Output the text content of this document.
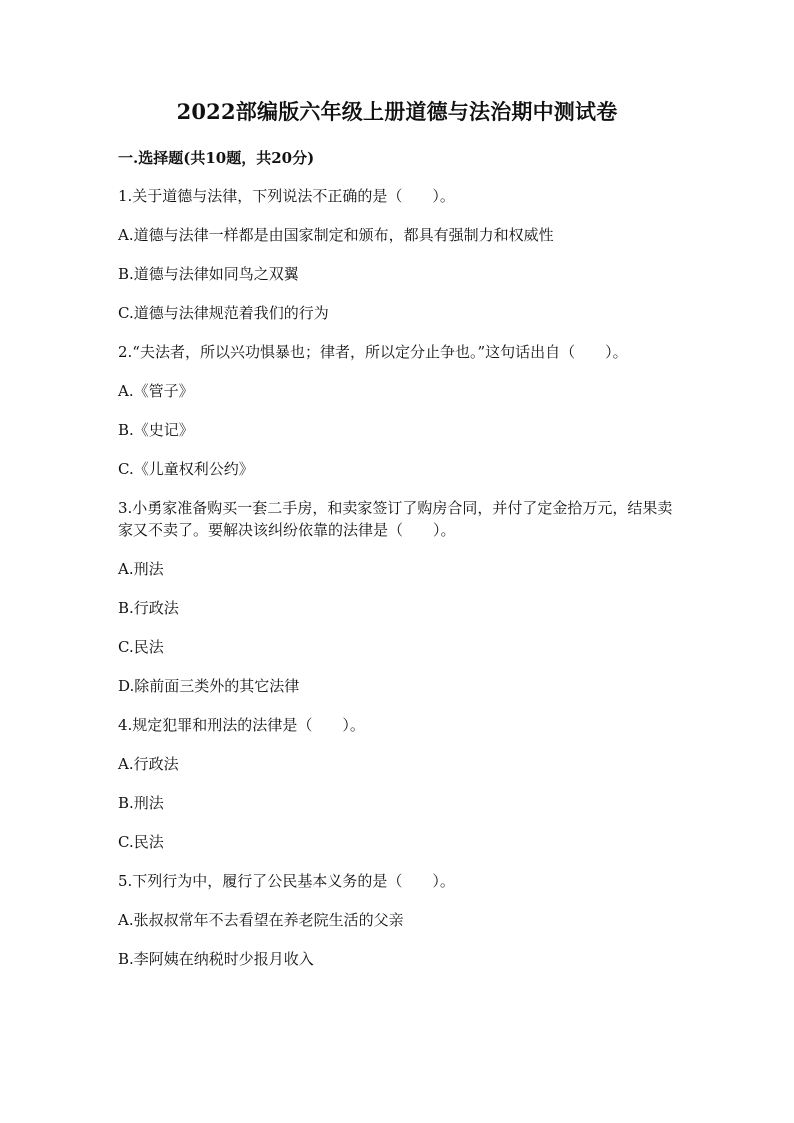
2022部编版六年级上册道德与法治期中测试卷
一.选择题(共10题，共20分)

1.关于道德与法律，下列说法不正确的是（　　）。

A.道德与法律一样都是由国家制定和颁布，都具有强制力和权威性

B.道德与法律如同鸟之双翼

C.道德与法律规范着我们的行为

2.“夫法者，所以兴功惧暴也；律者，所以定分止争也。”这句话出自（　　）。

A.《管子》

B.《史记》

C.《儿童权利公约》

3.小勇家准备购买一套二手房，和卖家签订了购房合同，并付了定金拾万元，结果卖家又不卖了。要解决该纠纷依靠的法律是（　　）。

A.刑法

B.行政法

C.民法

D.除前面三类外的其它法律

4.规定犯罪和刑法的法律是（　　）。

A.行政法

B.刑法

C.民法

5.下列行为中，履行了公民基本义务的是（　　）。

A.张叔叔常年不去看望在养老院生活的父亲

B.李阿姨在纳税时少报月收入
